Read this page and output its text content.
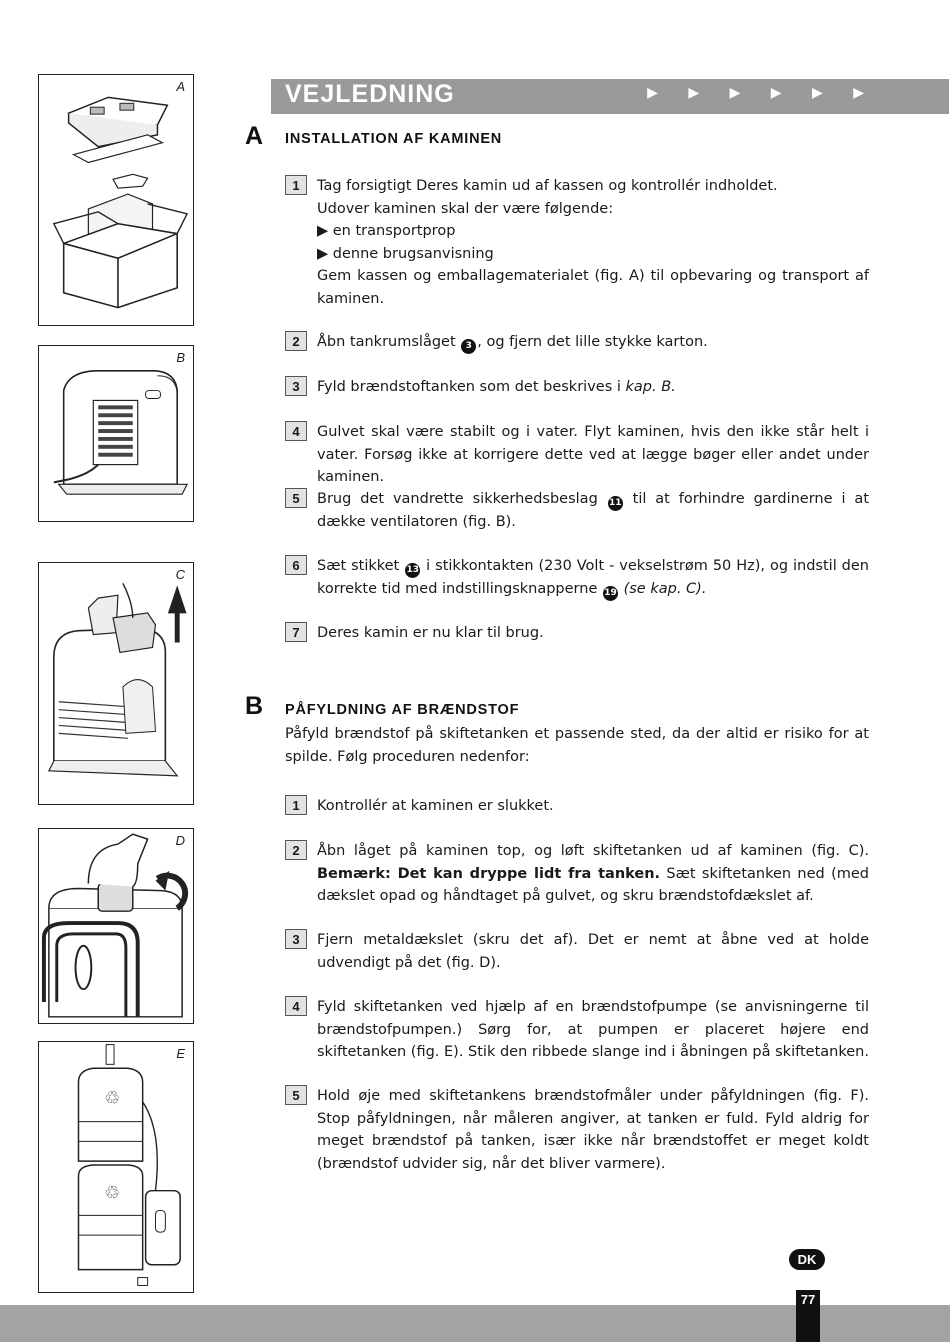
A
B
C
D
♲
♲
E
VEJLEDNING	▶ ▶ ▶ ▶ ▶ ▶
A INSTALLATION AF KAMINEN
1	Tag forsigtigt Deres kamin ud af kassen og kontrollér indholdet.
Udover kaminen skal der være følgende:
▶ en transportprop
▶ denne brugsanvisning
Gem kassen og emballagematerialet (fig. A) til opbevaring og transport af kaminen.
2	Åbn tankrumslåget 3 , og fjern det lille stykke karton.
3	Fyld brændstoftanken som det beskrives i kap. B.
4	Gulvet skal være stabilt og i vater. Flyt kaminen, hvis den ikke står helt i vater. Forsøg ikke at korrigere dette ved at lægge bøger eller andet under kaminen.
5	Brug det vandrette sikkerhedsbeslag 11 til at forhindre gardinerne i at dække ventilatoren (fig. B).
6	Sæt stikket 13 i stikkontakten (230 Volt - vekselstrøm 50 Hz), og indstil den korrekte tid med indstillingsknapperne 19 (se kap. C).
7	Deres kamin er nu klar til brug.
B PÅFYLDNING AF BRÆNDSTOF
Påfyld brændstof på skiftetanken et passende sted, da der altid er risiko for at spilde. Følg proceduren nedenfor:
1	Kontrollér at kaminen er slukket.
2	Åbn låget på kaminen top, og løft skiftetanken ud af kaminen (fig. C). Bemærk: Det kan dryppe lidt fra tanken. Sæt skiftetanken ned (med dækslet opad og håndtaget på gulvet, og skru brændstofdækslet af.
3	Fjern metaldækslet (skru det af). Det er nemt at åbne ved at holde udvendigt på det (fig. D).
4	Fyld skiftetanken ved hjælp af en brændstofpumpe (se anvisningerne til brændstofpumpen.) Sørg for, at pumpen er placeret højere end skiftetanken (fig. E). Stik den ribbede slange ind i åbningen på skiftetanken.
5	Hold øje med skiftetankens brændstofmåler under påfyldningen (fig. F). Stop påfyldningen, når måleren angiver, at tanken er fuld. Fyld aldrig for meget brændstof på tanken, især ikke når brændstoffet er meget koldt (brændstof udvider sig, når det bliver varmere).
DK
77
